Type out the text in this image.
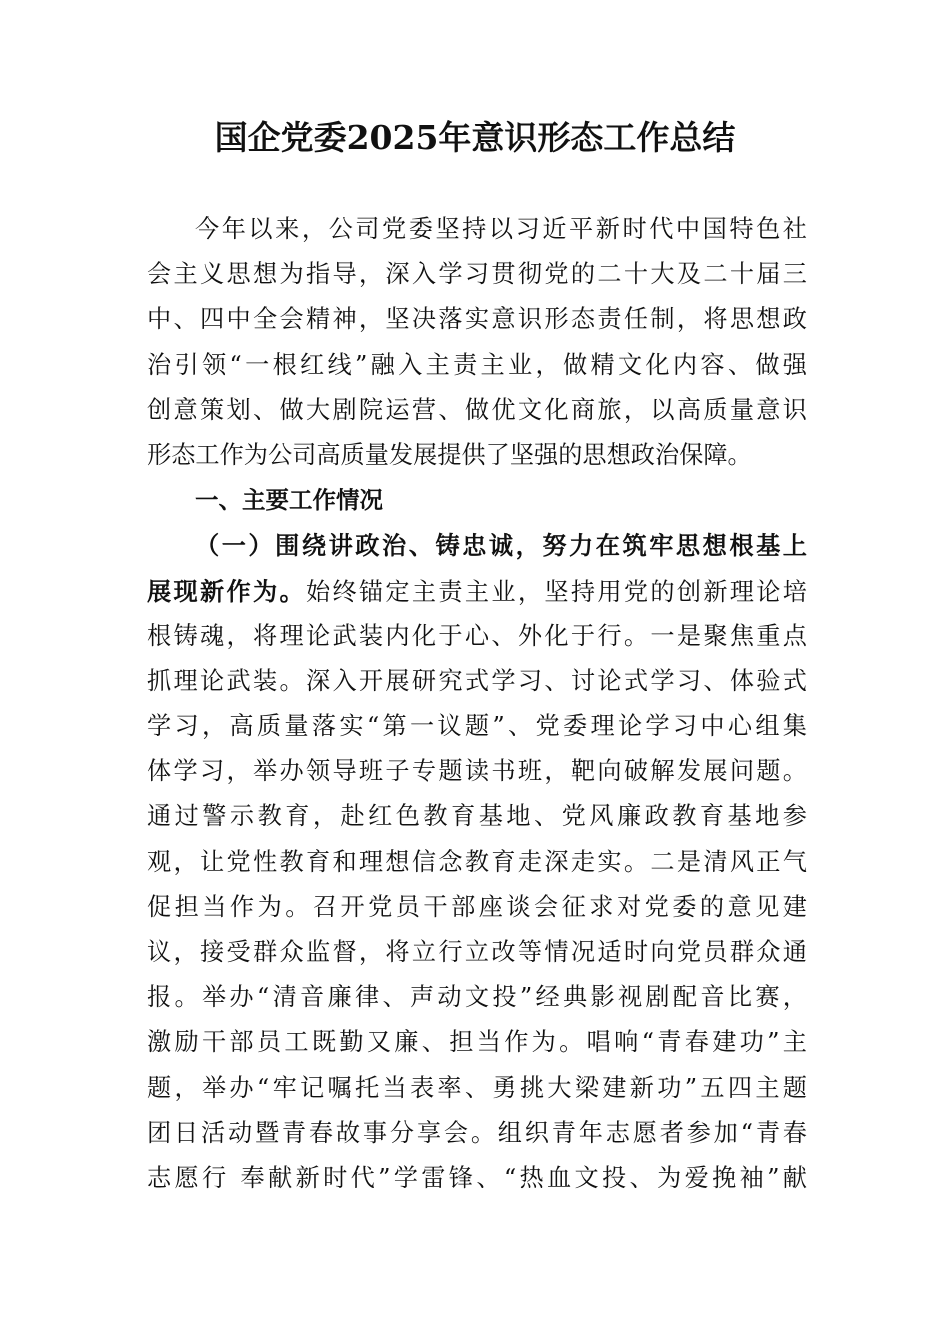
国企党委2025年意识形态工作总结
今年以来，公司党委坚持以习近平新时代中国特色社
会主义思想为指导，深入学习贯彻党的二十大及二十届三
中、四中全会精神，坚决落实意识形态责任制，将思想政
治引领“一根红线”融入主责主业，做精文化内容、做强
创意策划、做大剧院运营、做优文化商旅，以高质量意识
形态工作为公司高质量发展提供了坚强的思想政治保障。
一、主要工作情况
（一）围绕讲政治、铸忠诚，努力在筑牢思想根基上
展现新作为。始终锚定主责主业，坚持用党的创新理论培
根铸魂，将理论武装内化于心、外化于行。一是聚焦重点
抓理论武装。深入开展研究式学习、讨论式学习、体验式
学习，高质量落实“第一议题”、党委理论学习中心组集
体学习，举办领导班子专题读书班，靶向破解发展问题。
通过警示教育，赴红色教育基地、党风廉政教育基地参
观，让党性教育和理想信念教育走深走实。二是清风正气
促担当作为。召开党员干部座谈会征求对党委的意见建
议，接受群众监督，将立行立改等情况适时向党员群众通
报。举办“清音廉律、声动文投”经典影视剧配音比赛，
激励干部员工既勤又廉、担当作为。唱响“青春建功”主
题，举办“牢记嘱托当表率、勇挑大梁建新功”五四主题
团日活动暨青春故事分享会。组织青年志愿者参加“青春
志愿行 奉献新时代”学雷锋、“热血文投、为爱挽袖”献
